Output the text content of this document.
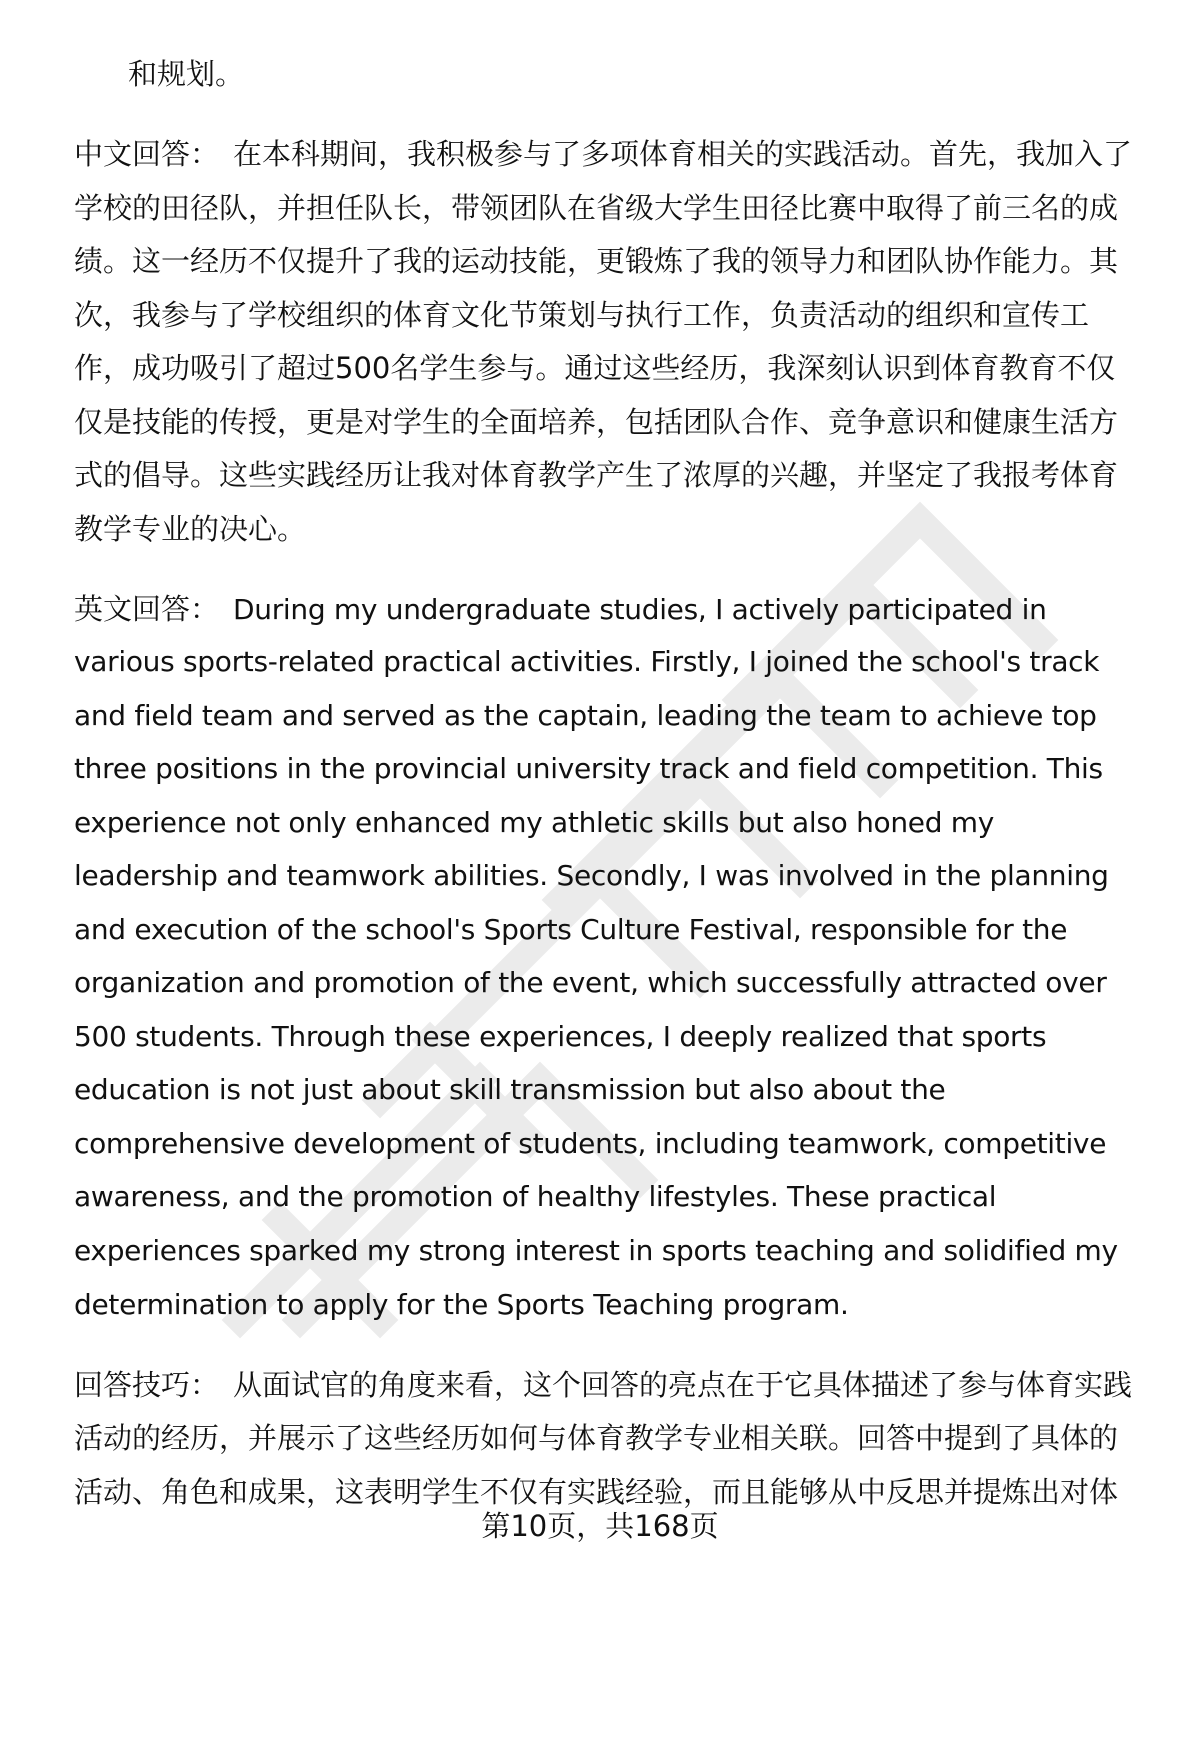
和规划。
中文回答： 在本科期间，我积极参与了多项体育相关的实践活动。首先，我加入了
学校的田径队，并担任队长，带领团队在省级大学生田径比赛中取得了前三名的成
绩。这一经历不仅提升了我的运动技能，更锻炼了我的领导力和团队协作能力。其
次，我参与了学校组织的体育文化节策划与执行工作，负责活动的组织和宣传工
作，成功吸引了超过500名学生参与。通过这些经历，我深刻认识到体育教育不仅
仅是技能的传授，更是对学生的全面培养，包括团队合作、竞争意识和健康生活方
式的倡导。这些实践经历让我对体育教学产生了浓厚的兴趣，并坚定了我报考体育
教学专业的决心。
英文回答： During my undergraduate studies, I actively participated in
various sports-related practical activities. Firstly, I joined the school's track
and field team and served as the captain, leading the team to achieve top
three positions in the provincial university track and field competition. This
experience not only enhanced my athletic skills but also honed my
leadership and teamwork abilities. Secondly, I was involved in the planning
and execution of the school's Sports Culture Festival, responsible for the
organization and promotion of the event, which successfully attracted over
500 students. Through these experiences, I deeply realized that sports
education is not just about skill transmission but also about the
comprehensive development of students, including teamwork, competitive
awareness, and the promotion of healthy lifestyles. These practical
experiences sparked my strong interest in sports teaching and solidified my
determination to apply for the Sports Teaching program.
回答技巧： 从面试官的角度来看，这个回答的亮点在于它具体描述了参与体育实践
活动的经历，并展示了这些经历如何与体育教学专业相关联。回答中提到了具体的
活动、角色和成果，这表明学生不仅有实践经验，而且能够从中反思并提炼出对体
第10页，共168页
